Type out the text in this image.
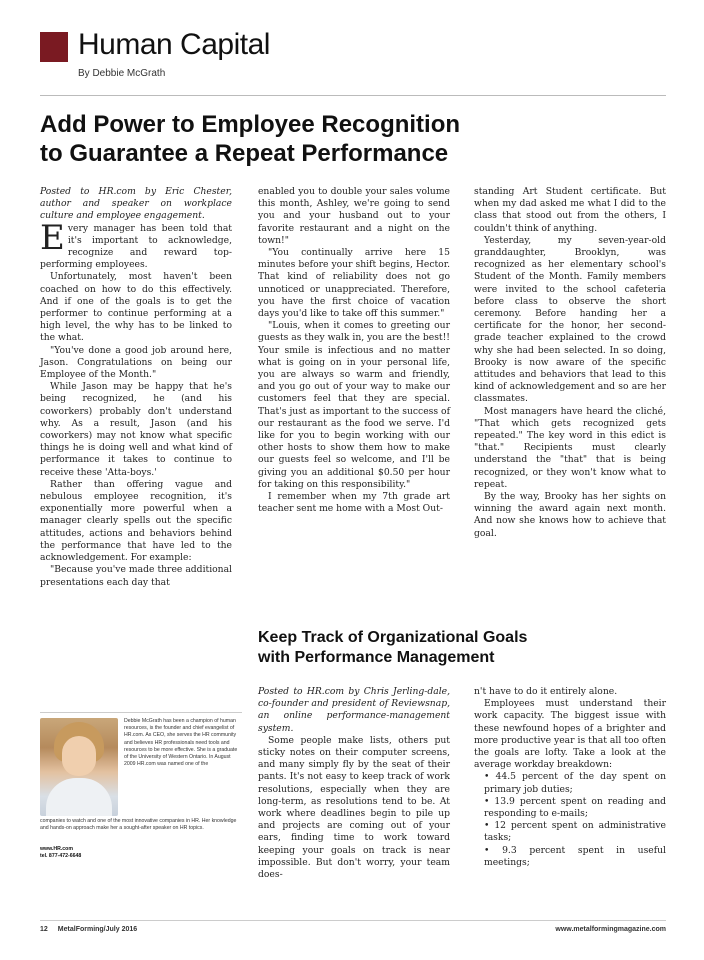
Human Capital
By Debbie McGrath
Add Power to Employee Recognition
to Guarantee a Repeat Performance

Posted to HR.com by Eric Chester, author and speaker on workplace culture and employee engagement.

Every manager has been told that it's important to acknowledge, recognize and reward top-performing employees.

Unfortunately, most haven't been coached on how to do this effectively. And if one of the goals is to get the performer to continue performing at a high level, the why has to be linked to the what.

"You've done a good job around here, Jason. Congratulations on being our Employee of the Month."

While Jason may be happy that he's being recognized, he (and his coworkers) probably don't understand why. As a result, Jason (and his coworkers) may not know what specific things he is doing well and what kind of performance it takes to continue to receive these 'Atta-boys.'

Rather than offering vague and nebulous employee recognition, it's exponentially more powerful when a manager clearly spells out the specific attitudes, actions and behaviors behind the performance that have led to the acknowledgement. For example:

"Because you've made three additional presentations each day that

enabled you to double your sales volume this month, Ashley, we're going to send you and your husband out to your favorite restaurant and a night on the town!"

"You continually arrive here 15 minutes before your shift begins, Hector. That kind of reliability does not go unnoticed or unappreciated. Therefore, you have the first choice of vacation days you'd like to take off this summer."

"Louis, when it comes to greeting our guests as they walk in, you are the best!! Your smile is infectious and no matter what is going on in your personal life, you are always so warm and friendly, and you go out of your way to make our customers feel that they are special. That's just as important to the success of our restaurant as the food we serve. I'd like for you to begin working with our other hosts to show them how to make our guests feel so welcome, and I'll be giving you an additional $0.50 per hour for taking on this responsibility."

I remember when my 7th grade art teacher sent me home with a Most Out-

standing Art Student certificate. But when my dad asked me what I did to the class that stood out from the others, I couldn't think of anything.

Yesterday, my seven-year-old granddaughter, Brooklyn, was recognized as her elementary school's Student of the Month. Family members were invited to the school cafeteria before class to observe the short ceremony. Before handing her a certificate for the honor, her second-grade teacher explained to the crowd why she had been selected. In so doing, Brooky is now aware of the specific attitudes and behaviors that lead to this kind of acknowledgement and so are her classmates.

Most managers have heard the cliché, "That which gets recognized gets repeated." The key word in this edict is "that." Recipients must clearly understand the "that" that is being recognized, or they won't know what to repeat.

By the way, Brooky has her sights on winning the award again next month. And now she knows how to achieve that goal.

Keep Track of Organizational Goals
with Performance Management

Posted to HR.com by Chris Jerling-dale, co-founder and president of Reviewsnap, an online performance-management system.

Some people make lists, others put sticky notes on their computer screens, and many simply fly by the seat of their pants. It's not easy to keep track of work resolutions, especially when they are long-term, as resolutions tend to be. At work where deadlines begin to pile up and projects are coming out of your ears, finding time to work toward keeping your goals on track is near impossible. But don't worry, your team does-

n't have to do it entirely alone.

Employees must understand their work capacity. The biggest issue with these newfound hopes of a brighter and more productive year is that all too often the goals are lofty. Take a look at the average workday breakdown:

• 44.5 percent of the day spent on primary job duties;

• 13.9 percent spent on reading and responding to e-mails;

• 12 percent spent on administrative tasks;

• 9.3 percent spent in useful meetings;

Debbie McGrath has been a champion of human resources, is the founder and chief evangelist of HR.com. As CEO, she serves the HR community and believes HR professionals need tools and resources to be more effective. She is a graduate of the University of Western Ontario. In August 2009 HR.com was named one of the
companies to watch and one of the most innovative companies in HR. Her knowledge and hands-on approach make her a sought-after speaker on HR topics.
www.HR.com
tel. 877-472-6648
12 MetalForming/July 2016	www.metalformingmagazine.com
